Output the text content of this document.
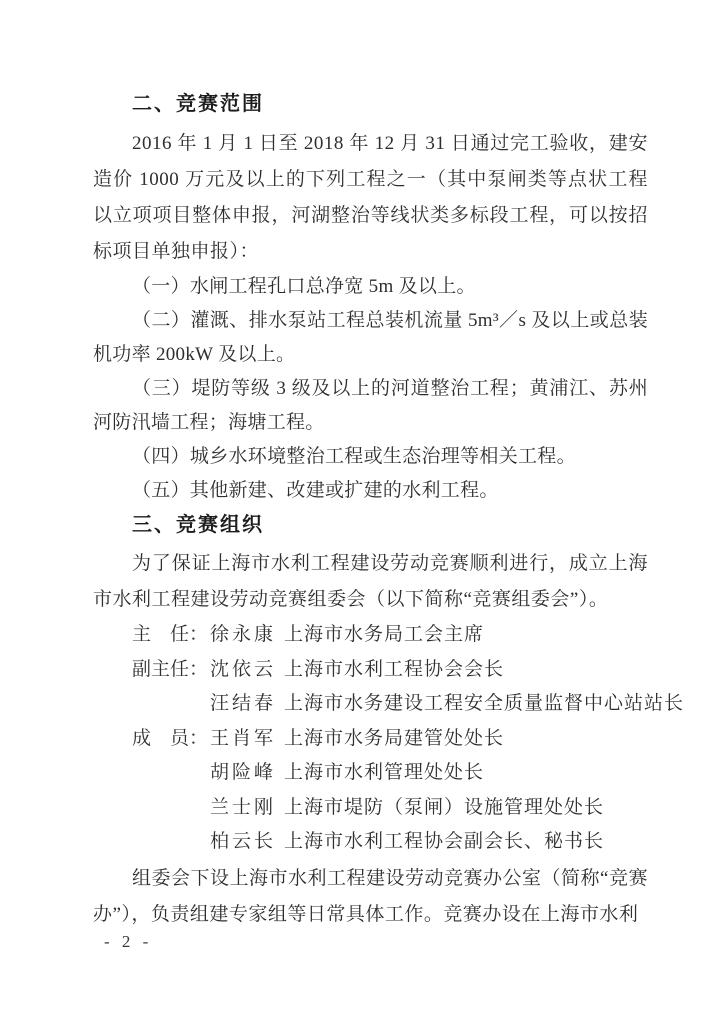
二、竞赛范围

2016 年 1 月 1 日至 2018 年 12 月 31 日通过完工验收，建安造价 1000 万元及以上的下列工程之一（其中泵闸类等点状工程以立项项目整体申报，河湖整治等线状类多标段工程，可以按招标项目单独申报）：

（一）水闸工程孔口总净宽 5m 及以上。

（二）灌溉、排水泵站工程总装机流量 5m³／s 及以上或总装机功率 200kW 及以上。

（三）堤防等级 3 级及以上的河道整治工程；黄浦江、苏州河防汛墙工程；海塘工程。

（四）城乡水环境整治工程或生态治理等相关工程。

（五）其他新建、改建或扩建的水利工程。

三、竞赛组织

为了保证上海市水利工程建设劳动竞赛顺利进行，成立上海市水利工程建设劳动竞赛组委会（以下简称“竞赛组委会”）。

主　任： 徐永康 上海市水务局工会主席
副主任： 沈依云 上海市水利工程协会会长
汪结春 上海市水务建设工程安全质量监督中心站站长
成　员： 王肖军 上海市水务局建管处处长
胡险峰 上海市水利管理处处长
兰士刚 上海市堤防（泵闸）设施管理处处长
柏云长 上海市水利工程协会副会长、秘书长

组委会下设上海市水利工程建设劳动竞赛办公室（简称“竞赛办”），负责组建专家组等日常具体工作。竞赛办设在上海市水利

- 2 -
